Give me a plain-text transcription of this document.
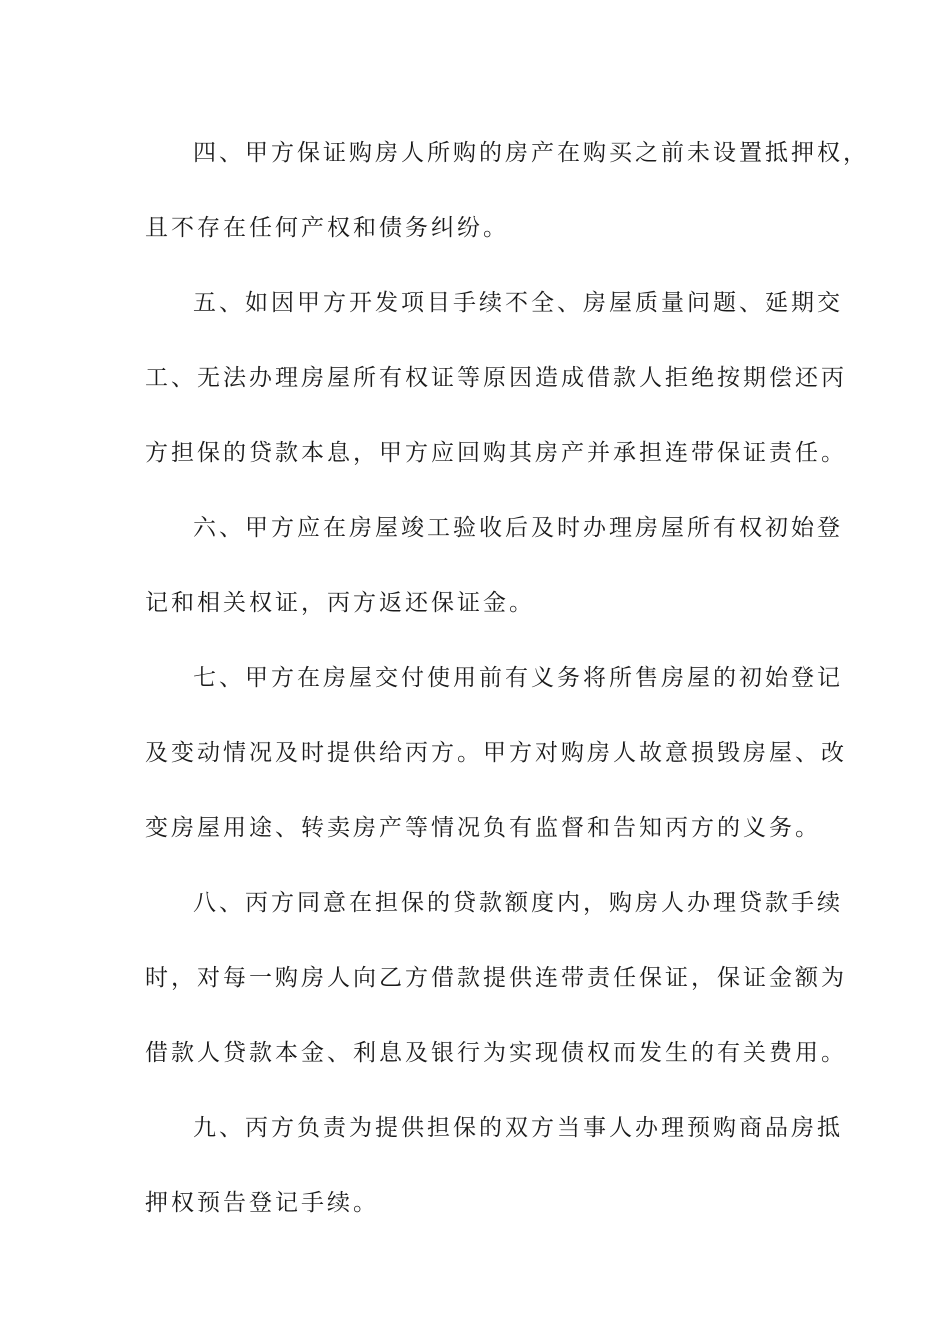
四、甲方保证购房人所购的房产在购买之前未设置抵押权，
且不存在任何产权和债务纠纷。
五、如因甲方开发项目手续不全、房屋质量问题、延期交
工、无法办理房屋所有权证等原因造成借款人拒绝按期偿还丙
方担保的贷款本息，甲方应回购其房产并承担连带保证责任。
六、甲方应在房屋竣工验收后及时办理房屋所有权初始登
记和相关权证，丙方返还保证金。
七、甲方在房屋交付使用前有义务将所售房屋的初始登记
及变动情况及时提供给丙方。甲方对购房人故意损毁房屋、改
变房屋用途、转卖房产等情况负有监督和告知丙方的义务。
八、丙方同意在担保的贷款额度内，购房人办理贷款手续
时，对每一购房人向乙方借款提供连带责任保证，保证金额为
借款人贷款本金、利息及银行为实现债权而发生的有关费用。
九、丙方负责为提供担保的双方当事人办理预购商品房抵
押权预告登记手续。
